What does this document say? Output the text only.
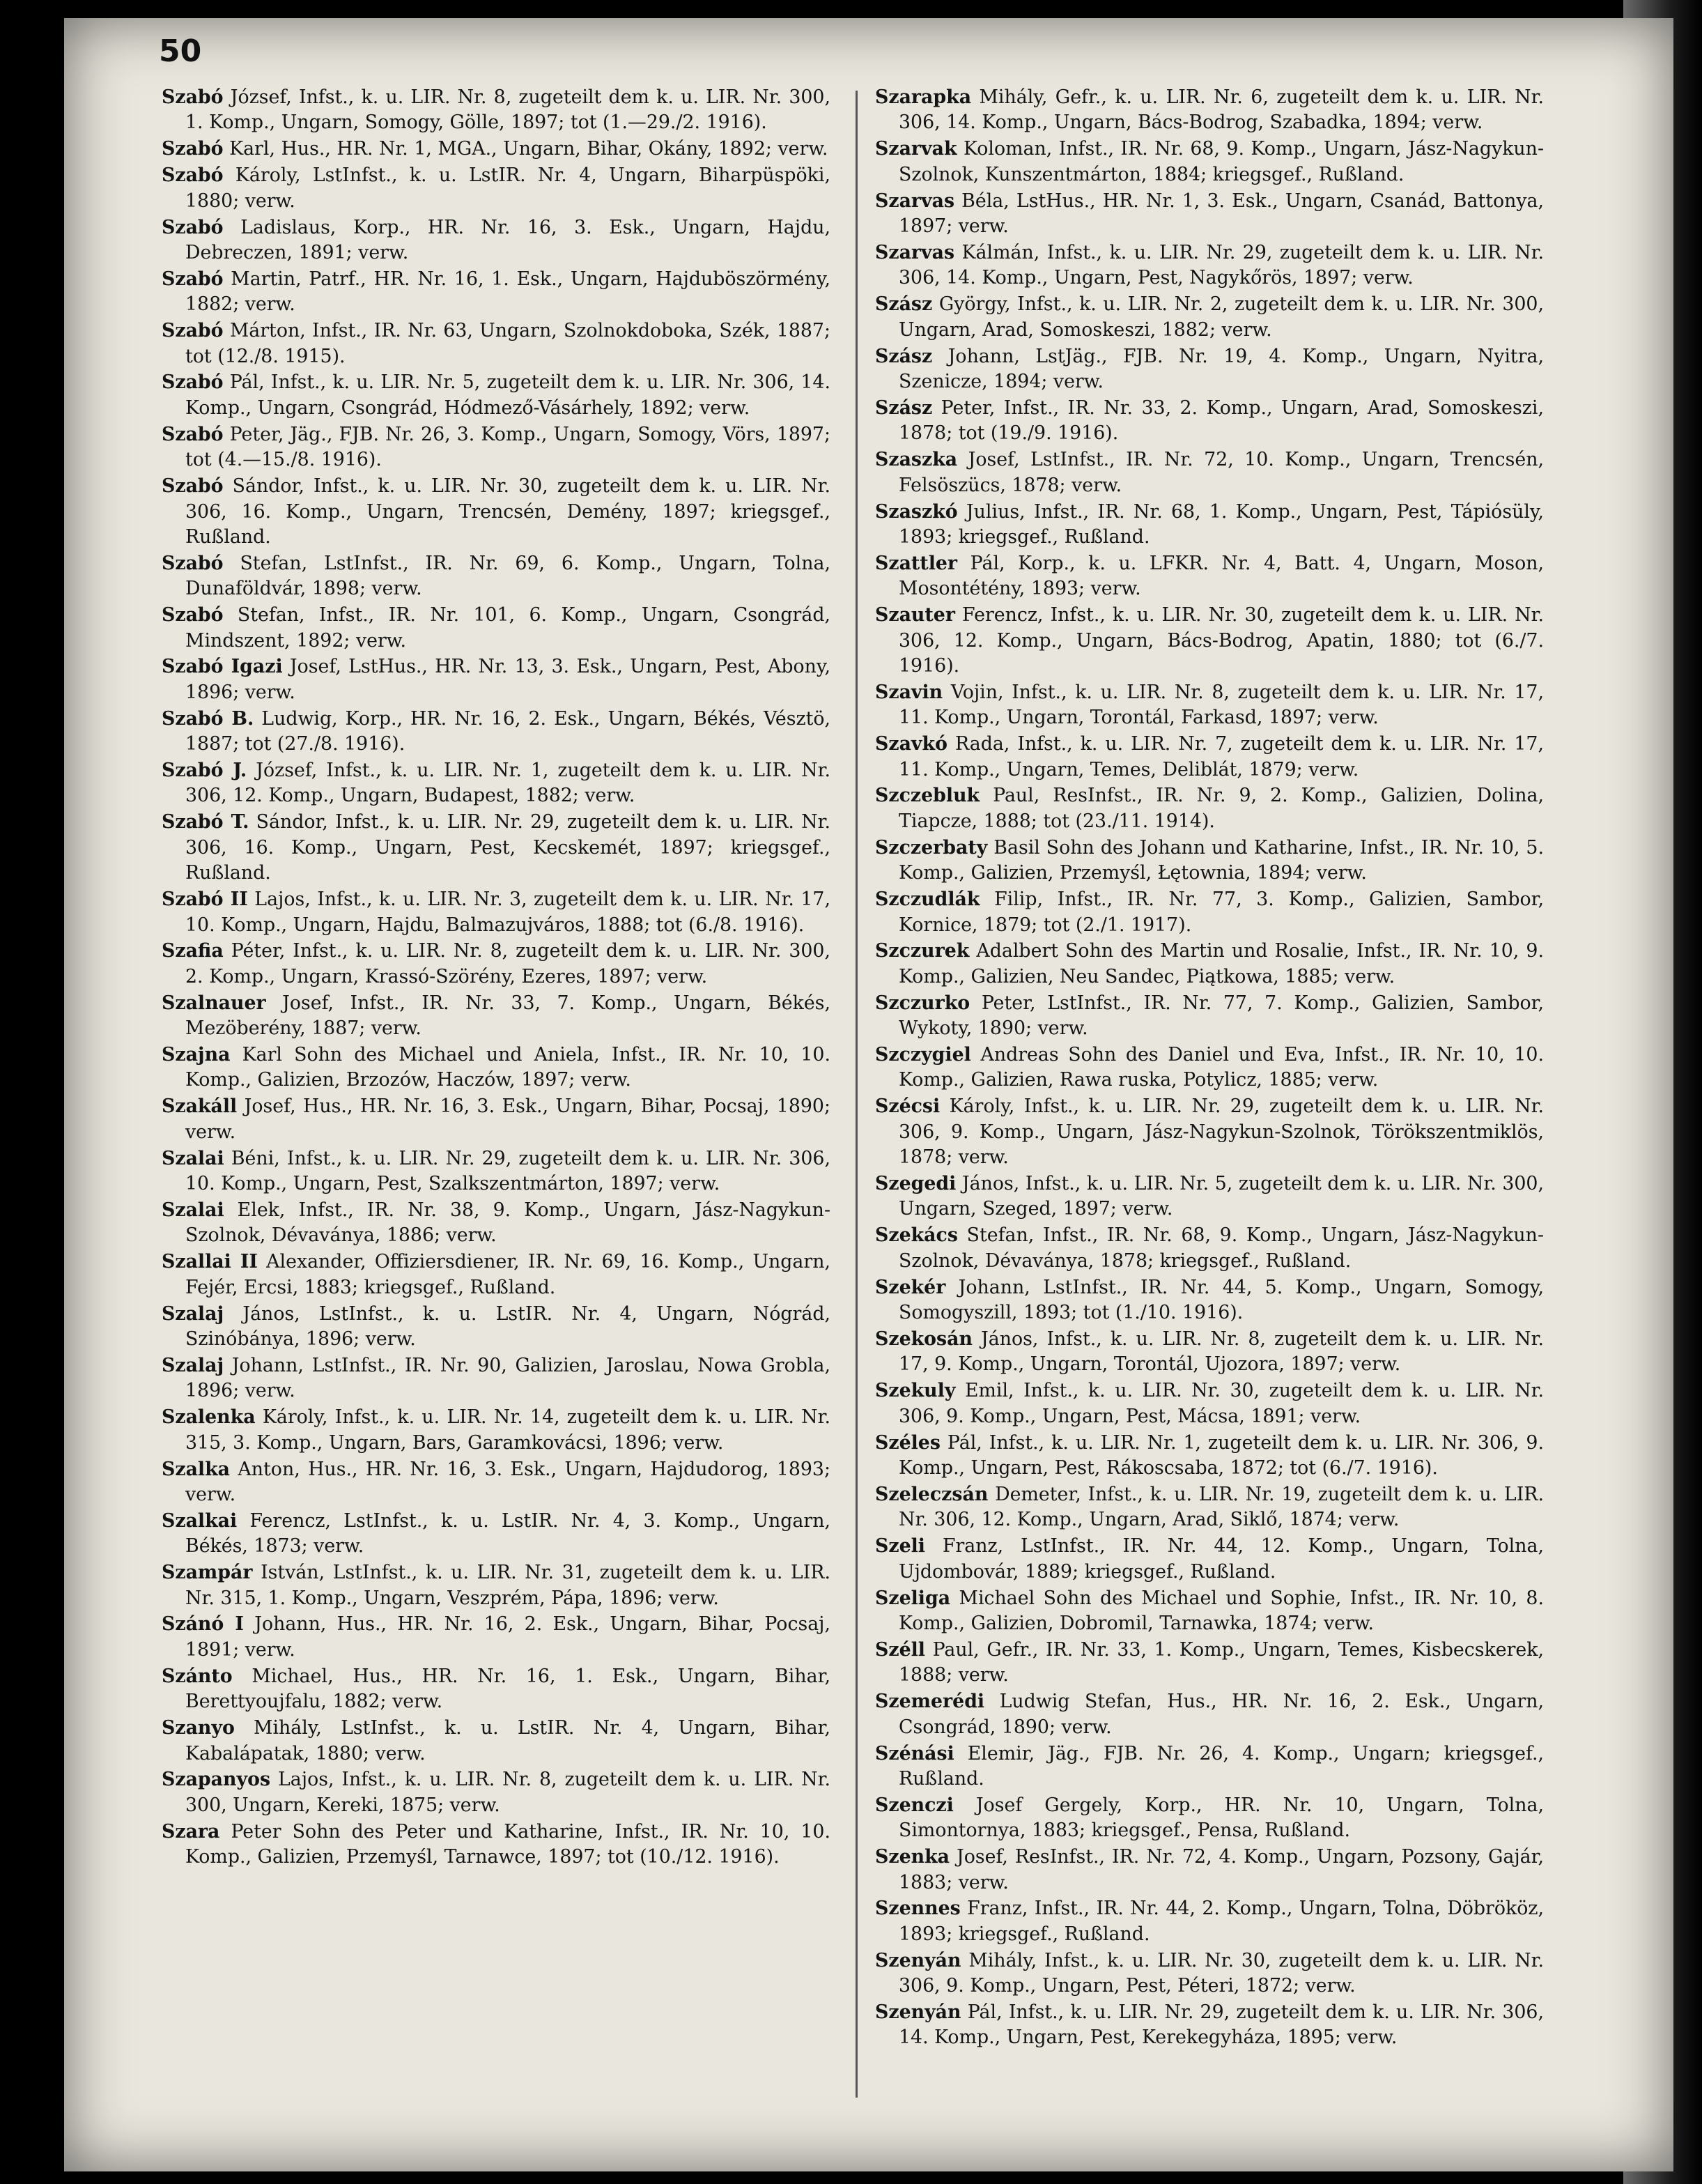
50

Szabó József, Infst., k. u. LIR. Nr. 8, zugeteilt dem k. u. LIR. Nr. 300, 1. Komp., Ungarn, Somogy, Gölle, 1897; tot (1.—29./2. 1916).

Szabó Karl, Hus., HR. Nr. 1, MGA., Ungarn, Bihar, Okány, 1892; verw.

Szabó Károly, LstInfst., k. u. LstIR. Nr. 4, Ungarn, Biharpüspöki, 1880; verw.

Szabó Ladislaus, Korp., HR. Nr. 16, 3. Esk., Ungarn, Hajdu, Debreczen, 1891; verw.

Szabó Martin, Patrf., HR. Nr. 16, 1. Esk., Ungarn, Hajduböszörmény, 1882; verw.

Szabó Márton, Infst., IR. Nr. 63, Ungarn, Szolnokdoboka, Szék, 1887; tot (12./8. 1915).

Szabó Pál, Infst., k. u. LIR. Nr. 5, zugeteilt dem k. u. LIR. Nr. 306, 14. Komp., Ungarn, Csongrád, Hódmező-Vásárhely, 1892; verw.

Szabó Peter, Jäg., FJB. Nr. 26, 3. Komp., Ungarn, Somogy, Vörs, 1897; tot (4.—15./8. 1916).

Szabó Sándor, Infst., k. u. LIR. Nr. 30, zugeteilt dem k. u. LIR. Nr. 306, 16. Komp., Ungarn, Trencsén, Demény, 1897; kriegsgef., Rußland.

Szabó Stefan, LstInfst., IR. Nr. 69, 6. Komp., Ungarn, Tolna, Dunaföldvár, 1898; verw.

Szabó Stefan, Infst., IR. Nr. 101, 6. Komp., Ungarn, Csongrád, Mindszent, 1892; verw.

Szabó Igazi Josef, LstHus., HR. Nr. 13, 3. Esk., Ungarn, Pest, Abony, 1896; verw.

Szabó B. Ludwig, Korp., HR. Nr. 16, 2. Esk., Ungarn, Békés, Vésztö, 1887; tot (27./8. 1916).

Szabó J. József, Infst., k. u. LIR. Nr. 1, zugeteilt dem k. u. LIR. Nr. 306, 12. Komp., Ungarn, Budapest, 1882; verw.

Szabó T. Sándor, Infst., k. u. LIR. Nr. 29, zugeteilt dem k. u. LIR. Nr. 306, 16. Komp., Ungarn, Pest, Kecskemét, 1897; kriegsgef., Rußland.

Szabó II Lajos, Infst., k. u. LIR. Nr. 3, zugeteilt dem k. u. LIR. Nr. 17, 10. Komp., Ungarn, Hajdu, Balmazujváros, 1888; tot (6./8. 1916).

Szafia Péter, Infst., k. u. LIR. Nr. 8, zugeteilt dem k. u. LIR. Nr. 300, 2. Komp., Ungarn, Krassó-Szörény, Ezeres, 1897; verw.

Szalnauer Josef, Infst., IR. Nr. 33, 7. Komp., Ungarn, Békés, Mezöberény, 1887; verw.

Szajna Karl Sohn des Michael und Aniela, Infst., IR. Nr. 10, 10. Komp., Galizien, Brzozów, Haczów, 1897; verw.

Szakáll Josef, Hus., HR. Nr. 16, 3. Esk., Ungarn, Bihar, Pocsaj, 1890; verw.

Szalai Béni, Infst., k. u. LIR. Nr. 29, zugeteilt dem k. u. LIR. Nr. 306, 10. Komp., Ungarn, Pest, Szalkszentmárton, 1897; verw.

Szalai Elek, Infst., IR. Nr. 38, 9. Komp., Ungarn, Jász-Nagykun-Szolnok, Dévaványa, 1886; verw.

Szallai II Alexander, Offiziersdiener, IR. Nr. 69, 16. Komp., Ungarn, Fejér, Ercsi, 1883; kriegsgef., Rußland.

Szalaj János, LstInfst., k. u. LstIR. Nr. 4, Ungarn, Nógrád, Szinóbánya, 1896; verw.

Szalaj Johann, LstInfst., IR. Nr. 90, Galizien, Jaroslau, Nowa Grobla, 1896; verw.

Szalenka Károly, Infst., k. u. LIR. Nr. 14, zugeteilt dem k. u. LIR. Nr. 315, 3. Komp., Ungarn, Bars, Garamkovácsi, 1896; verw.

Szalka Anton, Hus., HR. Nr. 16, 3. Esk., Ungarn, Hajdudorog, 1893; verw.

Szalkai Ferencz, LstInfst., k. u. LstIR. Nr. 4, 3. Komp., Ungarn, Békés, 1873; verw.

Szampár István, LstInfst., k. u. LIR. Nr. 31, zugeteilt dem k. u. LIR. Nr. 315, 1. Komp., Ungarn, Veszprém, Pápa, 1896; verw.

Szánó I Johann, Hus., HR. Nr. 16, 2. Esk., Ungarn, Bihar, Pocsaj, 1891; verw.

Szánto Michael, Hus., HR. Nr. 16, 1. Esk., Ungarn, Bihar, Berettyoujfalu, 1882; verw.

Szanyo Mihály, LstInfst., k. u. LstIR. Nr. 4, Ungarn, Bihar, Kabalápatak, 1880; verw.

Szapanyos Lajos, Infst., k. u. LIR. Nr. 8, zugeteilt dem k. u. LIR. Nr. 300, Ungarn, Kereki, 1875; verw.

Szara Peter Sohn des Peter und Katharine, Infst., IR. Nr. 10, 10. Komp., Galizien, Przemyśl, Tarnawce, 1897; tot (10./12. 1916).

Szarapka Mihály, Gefr., k. u. LIR. Nr. 6, zugeteilt dem k. u. LIR. Nr. 306, 14. Komp., Ungarn, Bács-Bodrog, Szabadka, 1894; verw.

Szarvak Koloman, Infst., IR. Nr. 68, 9. Komp., Ungarn, Jász-Nagykun-Szolnok, Kunszentmárton, 1884; kriegsgef., Rußland.

Szarvas Béla, LstHus., HR. Nr. 1, 3. Esk., Ungarn, Csanád, Battonya, 1897; verw.

Szarvas Kálmán, Infst., k. u. LIR. Nr. 29, zugeteilt dem k. u. LIR. Nr. 306, 14. Komp., Ungarn, Pest, Nagykőrös, 1897; verw.

Szász György, Infst., k. u. LIR. Nr. 2, zugeteilt dem k. u. LIR. Nr. 300, Ungarn, Arad, Somoskeszi, 1882; verw.

Szász Johann, LstJäg., FJB. Nr. 19, 4. Komp., Ungarn, Nyitra, Szenicze, 1894; verw.

Szász Peter, Infst., IR. Nr. 33, 2. Komp., Ungarn, Arad, Somoskeszi, 1878; tot (19./9. 1916).

Szaszka Josef, LstInfst., IR. Nr. 72, 10. Komp., Ungarn, Trencsén, Felsöszücs, 1878; verw.

Szaszkó Julius, Infst., IR. Nr. 68, 1. Komp., Ungarn, Pest, Tápiósüly, 1893; kriegsgef., Rußland.

Szattler Pál, Korp., k. u. LFKR. Nr. 4, Batt. 4, Ungarn, Moson, Mosontétény, 1893; verw.

Szauter Ferencz, Infst., k. u. LIR. Nr. 30, zugeteilt dem k. u. LIR. Nr. 306, 12. Komp., Ungarn, Bács-Bodrog, Apatin, 1880; tot (6./7. 1916).

Szavin Vojin, Infst., k. u. LIR. Nr. 8, zugeteilt dem k. u. LIR. Nr. 17, 11. Komp., Ungarn, Torontál, Farkasd, 1897; verw.

Szavkó Rada, Infst., k. u. LIR. Nr. 7, zugeteilt dem k. u. LIR. Nr. 17, 11. Komp., Ungarn, Temes, Deliblát, 1879; verw.

Szczebluk Paul, ResInfst., IR. Nr. 9, 2. Komp., Galizien, Dolina, Tiapcze, 1888; tot (23./11. 1914).

Szczerbaty Basil Sohn des Johann und Katharine, Infst., IR. Nr. 10, 5. Komp., Galizien, Przemyśl, Łętownia, 1894; verw.

Szczudlák Filip, Infst., IR. Nr. 77, 3. Komp., Galizien, Sambor, Kornice, 1879; tot (2./1. 1917).

Szczurek Adalbert Sohn des Martin und Rosalie, Infst., IR. Nr. 10, 9. Komp., Galizien, Neu Sandec, Piątkowa, 1885; verw.

Szczurko Peter, LstInfst., IR. Nr. 77, 7. Komp., Galizien, Sambor, Wykoty, 1890; verw.

Szczygiel Andreas Sohn des Daniel und Eva, Infst., IR. Nr. 10, 10. Komp., Galizien, Rawa ruska, Potylicz, 1885; verw.

Szécsi Károly, Infst., k. u. LIR. Nr. 29, zugeteilt dem k. u. LIR. Nr. 306, 9. Komp., Ungarn, Jász-Nagykun-Szolnok, Törökszentmiklös, 1878; verw.

Szegedi János, Infst., k. u. LIR. Nr. 5, zugeteilt dem k. u. LIR. Nr. 300, Ungarn, Szeged, 1897; verw.

Szekács Stefan, Infst., IR. Nr. 68, 9. Komp., Ungarn, Jász-Nagykun-Szolnok, Dévaványa, 1878; kriegsgef., Rußland.

Szekér Johann, LstInfst., IR. Nr. 44, 5. Komp., Ungarn, Somogy, Somogyszill, 1893; tot (1./10. 1916).

Szekosán János, Infst., k. u. LIR. Nr. 8, zugeteilt dem k. u. LIR. Nr. 17, 9. Komp., Ungarn, Torontál, Ujozora, 1897; verw.

Szekuly Emil, Infst., k. u. LIR. Nr. 30, zugeteilt dem k. u. LIR. Nr. 306, 9. Komp., Ungarn, Pest, Mácsa, 1891; verw.

Széles Pál, Infst., k. u. LIR. Nr. 1, zugeteilt dem k. u. LIR. Nr. 306, 9. Komp., Ungarn, Pest, Rákoscsaba, 1872; tot (6./7. 1916).

Szeleczsán Demeter, Infst., k. u. LIR. Nr. 19, zugeteilt dem k. u. LIR. Nr. 306, 12. Komp., Ungarn, Arad, Siklő, 1874; verw.

Szeli Franz, LstInfst., IR. Nr. 44, 12. Komp., Ungarn, Tolna, Ujdombovár, 1889; kriegsgef., Rußland.

Szeliga Michael Sohn des Michael und Sophie, Infst., IR. Nr. 10, 8. Komp., Galizien, Dobromil, Tarnawka, 1874; verw.

Széll Paul, Gefr., IR. Nr. 33, 1. Komp., Ungarn, Temes, Kisbecskerek, 1888; verw.

Szemerédi Ludwig Stefan, Hus., HR. Nr. 16, 2. Esk., Ungarn, Csongrád, 1890; verw.

Szénási Elemir, Jäg., FJB. Nr. 26, 4. Komp., Ungarn; kriegsgef., Rußland.

Szenczi Josef Gergely, Korp., HR. Nr. 10, Ungarn, Tolna, Simontornya, 1883; kriegsgef., Pensa, Rußland.

Szenka Josef, ResInfst., IR. Nr. 72, 4. Komp., Ungarn, Pozsony, Gajár, 1883; verw.

Szennes Franz, Infst., IR. Nr. 44, 2. Komp., Ungarn, Tolna, Döbrököz, 1893; kriegsgef., Rußland.

Szenyán Mihály, Infst., k. u. LIR. Nr. 30, zugeteilt dem k. u. LIR. Nr. 306, 9. Komp., Ungarn, Pest, Péteri, 1872; verw.

Szenyán Pál, Infst., k. u. LIR. Nr. 29, zugeteilt dem k. u. LIR. Nr. 306, 14. Komp., Ungarn, Pest, Kerekegyháza, 1895; verw.
